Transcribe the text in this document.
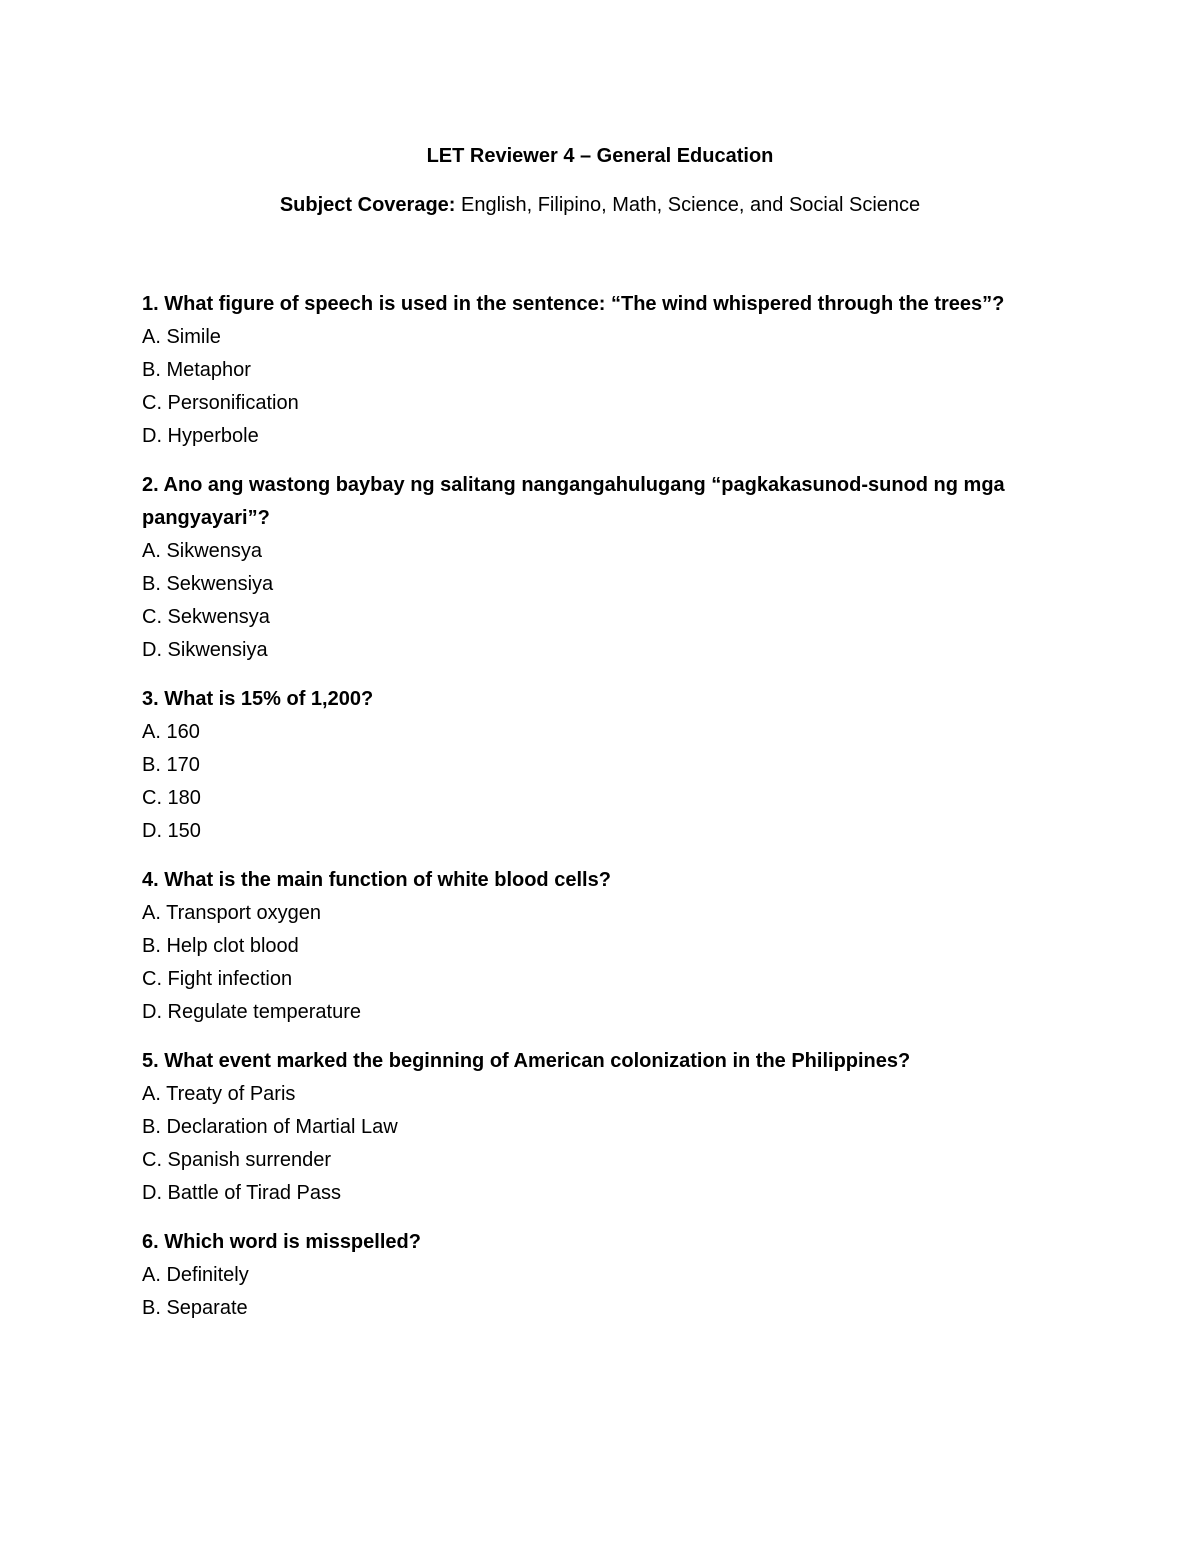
LET Reviewer 4 – General Education

Subject Coverage: English, Filipino, Math, Science, and Social Science

1. What figure of speech is used in the sentence: “The wind whispered through the trees”?

A. Simile

B. Metaphor

C. Personification

D. Hyperbole

2. Ano ang wastong baybay ng salitang nangangahulugang “pagkakasunod-sunod ng mga pangyayari”?

A. Sikwensya

B. Sekwensiya

C. Sekwensya

D. Sikwensiya

3. What is 15% of 1,200?

A. 160

B. 170

C. 180

D. 150

4. What is the main function of white blood cells?

A. Transport oxygen

B. Help clot blood

C. Fight infection

D. Regulate temperature

5. What event marked the beginning of American colonization in the Philippines?

A. Treaty of Paris

B. Declaration of Martial Law

C. Spanish surrender

D. Battle of Tirad Pass

6. Which word is misspelled?

A. Definitely

B. Separate
